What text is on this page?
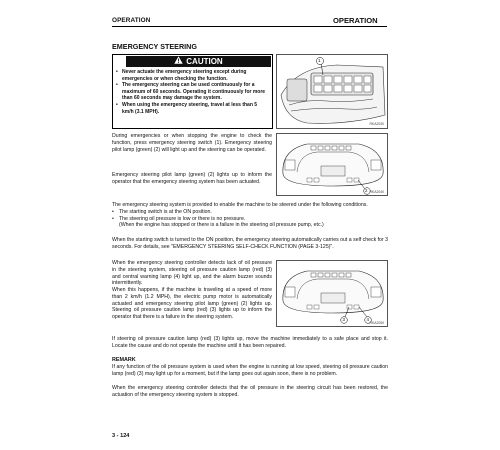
OPERATION	OPERATION
EMERGENCY STEERING
CAUTION
• Never actuate the emergency steering except during emergencies or when checking the function.
• The emergency steering can be used continuously for a maximum of 60 seconds. Operating it continuously for more than 60 seconds may damage the system.
• When using the emergency steering, travel at less than 5 km/h (3.1 MPH).
1
RKA2030
During emergencies or when stopping the engine to check the function, press emergency steering switch (1). Emergency steering pilot lamp (green) (2) will light up and the steering can be operated.
Emergency steering pilot lamp (green) (2) lights up to inform the operator that the emergency steering system has been actuated.
2 RKA2040

The emergency steering system is provided to enable the machine to be steered under the following conditions.

• The starting switch is at the ON position.
• The steering oil pressure is low or there is no pressure.

(When the engine has stopped or there is a failure in the steering oil pressure pump, etc.)

When the starting switch is turned to the ON position, the emergency steering automatically carries out a self check for 3 seconds. For details, see "EMERGENCY STEERING SELF-CHECK FUNCTION (PAGE 3-125)".

When the emergency steering controller detects lack of oil pressure in the steering system, steering oil pressure caution lamp (red) (3) and central warning lamp (4) light up, and the alarm buzzer sounds intermittently.

When this happens, if the machine is traveling at a speed of more than 2 km/h (1.2 MPH), the electric pump motor is automatically actuated and emergency steering pilot lamp (green) (2) lights up. Steering oil pressure caution lamp (red) (3) lights up to inform the operator that there is a failure in the steering system.	3	4
RKA2050
If steering oil pressure caution lamp (red) (3) lights up, move the machine immediately to a safe place and stop it. Locate the cause and do not operate the machine until it has been repaired.
REMARK
If any function of the oil pressure system is used when the engine is running at low speed, steering oil pressure caution lamp (red) (3) may light up for a moment, but if the lamp goes out again soon, there is no problem.
When the emergency steering controller detects that the oil pressure in the steering circuit has been restored, the actuation of the emergency steering system is stopped.
3 - 124
